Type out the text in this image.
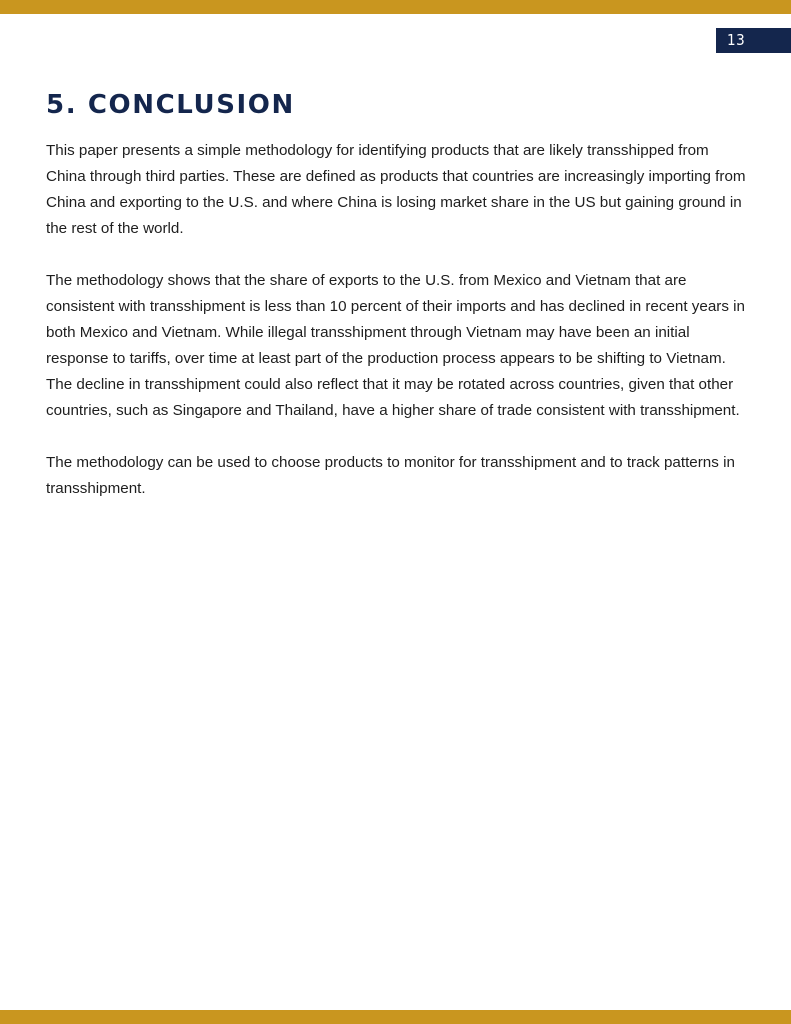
13
5. CONCLUSION

This paper presents a simple methodology for identifying products that are likely transshipped from China through third parties. These are defined as products that countries are increasingly importing from China and exporting to the U.S. and where China is losing market share in the US but gaining ground in the rest of the world.

The methodology shows that the share of exports to the U.S. from Mexico and Vietnam that are consistent with transshipment is less than 10 percent of their imports and has declined in recent years in both Mexico and Vietnam. While illegal transshipment through Vietnam may have been an initial response to tariffs, over time at least part of the production process appears to be shifting to Vietnam. The decline in transshipment could also reflect that it may be rotated across countries, given that other countries, such as Singapore and Thailand, have a higher share of trade consistent with transshipment.

The methodology can be used to choose products to monitor for transshipment and to track patterns in transshipment.
